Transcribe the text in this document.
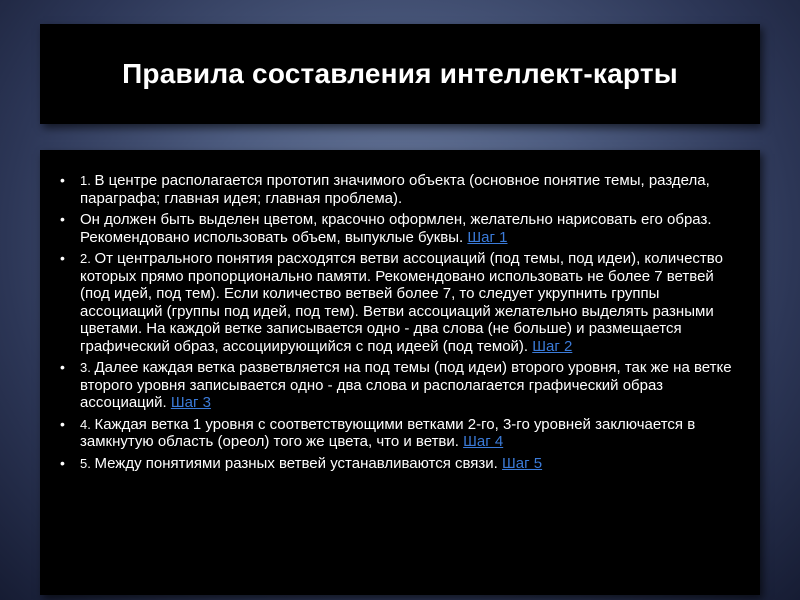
Правила составления интеллект-карты
• 1. В центре располагается прототип значимого объекта (основное понятие темы, раздела, параграфа; главная идея; главная проблема).
• Он должен быть выделен цветом, красочно оформлен, желательно нарисовать его образ. Рекомендовано использовать объем, выпуклые буквы. Шаг 1
• 2. От центрального понятия расходятся ветви ассоциаций (под темы, под идеи), количество которых прямо пропорционально памяти. Рекомендовано использовать не более 7 ветвей (под идей, под тем). Если количество ветвей более 7, то следует укрупнить группы ассоциаций (группы под идей, под тем). Ветви ассоциаций желательно выделять разными цветами. На каждой ветке записывается одно - два слова (не больше) и размещается графический образ, ассоциирующийся с под идеей (под темой). Шаг 2
• 3. Далее каждая ветка разветвляется на под темы (под идеи) второго уровня, так же на ветке второго уровня записывается одно - два слова и располагается графический образ ассоциаций. Шаг 3
• 4. Каждая ветка 1 уровня с соответствующими ветками 2-го, 3-го уровней заключается в замкнутую область (ореол) того же цвета, что и ветви. Шаг 4
• 5. Между понятиями разных ветвей устанавливаются связи. Шаг 5
